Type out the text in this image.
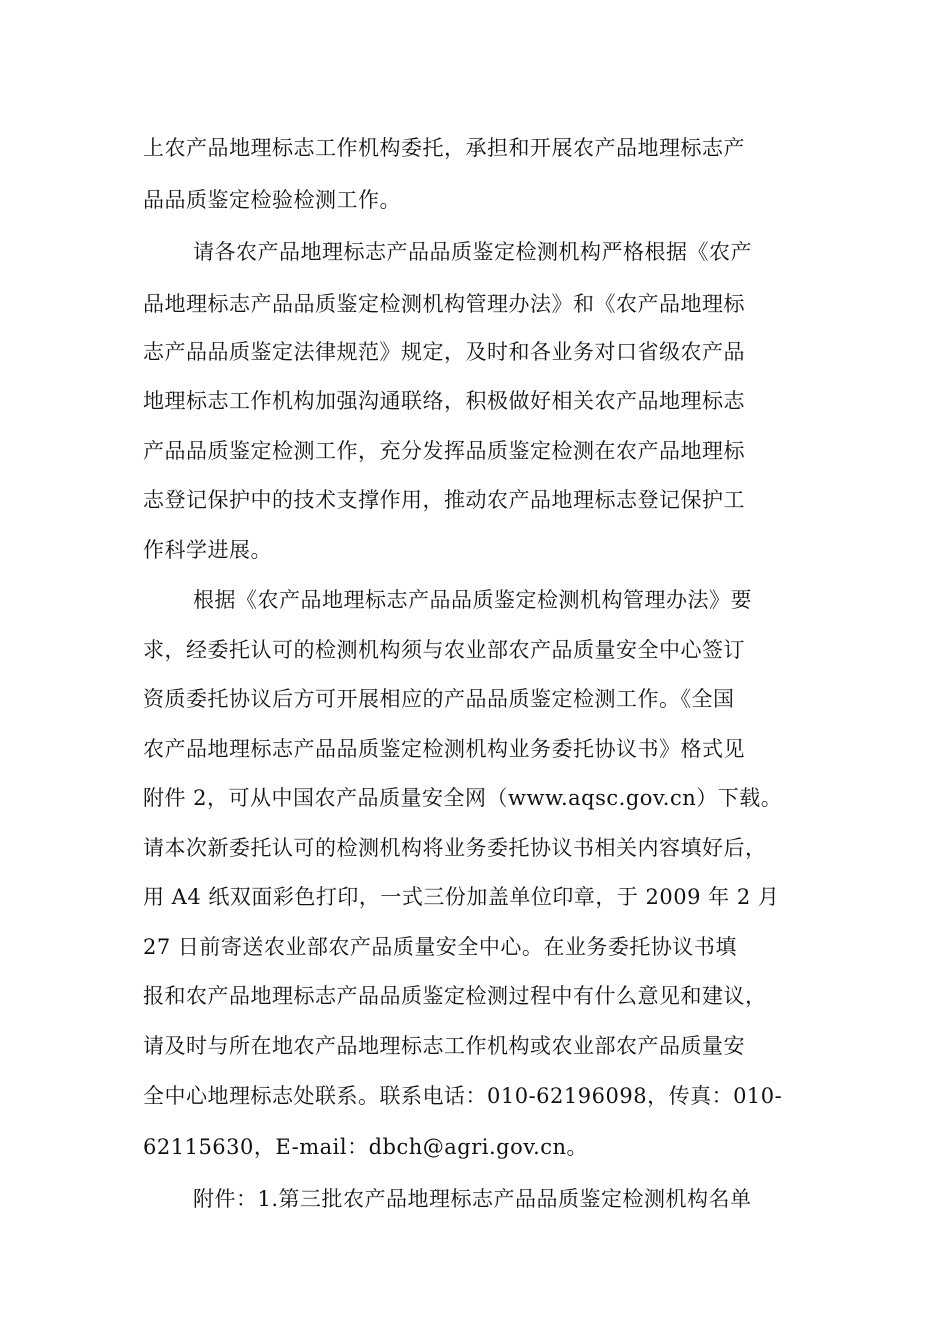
上农产品地理标志工作机构委托，承担和开展农产品地理标志产
品品质鉴定检验检测工作。
请各农产品地理标志产品品质鉴定检测机构严格根据《农产
品地理标志产品品质鉴定检测机构管理办法》和《农产品地理标
志产品品质鉴定法律规范》规定，及时和各业务对口省级农产品
地理标志工作机构加强沟通联络，积极做好相关农产品地理标志
产品品质鉴定检测工作，充分发挥品质鉴定检测在农产品地理标
志登记保护中的技术支撑作用，推动农产品地理标志登记保护工
作科学进展。
根据《农产品地理标志产品品质鉴定检测机构管理办法》要
求，经委托认可的检测机构须与农业部农产品质量安全中心签订
资质委托协议后方可开展相应的产品品质鉴定检测工作。《全国
农产品地理标志产品品质鉴定检测机构业务委托协议书》格式见
附件 2，可从中国农产品质量安全网（www.aqsc.gov.cn）下载。
请本次新委托认可的检测机构将业务委托协议书相关内容填好后，
用 A4 纸双面彩色打印，一式三份加盖单位印章，于 2009 年 2 月
27 日前寄送农业部农产品质量安全中心。在业务委托协议书填
报和农产品地理标志产品品质鉴定检测过程中有什么意见和建议，
请及时与所在地农产品地理标志工作机构或农业部农产品质量安
全中心地理标志处联系。联系电话：010-62196098，传真：010-
62115630，E-mail：dbch@agri.gov.cn。
附件：1.第三批农产品地理标志产品品质鉴定检测机构名单
